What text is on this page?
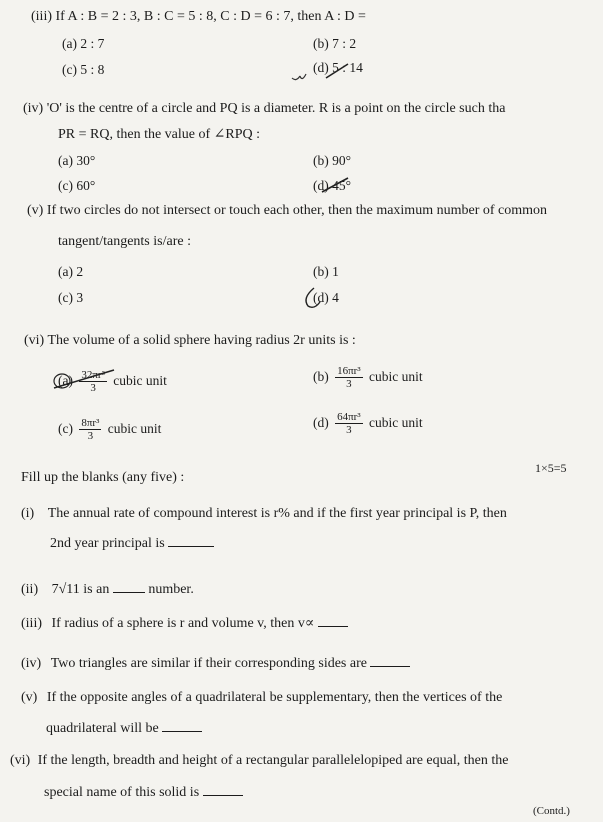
(iii) If A : B = 2 : 3, B : C = 5 : 8, C : D = 6 : 7, then A : D =
(a) 2 : 7	(b) 7 : 2
(c) 5 : 8	(d) 5 : 14
(iv) 'O' is the centre of a circle and PQ is a diameter. R is a point on the circle such tha
PR = RQ, then the value of ∠RPQ :
(a) 30°	(b) 90°
(c) 60°	(d) 45°
(v) If two circles do not intersect or touch each other, then the maximum number of common
tangent/tangents is/are :
(a) 2	(b) 1
(c) 3	(d) 4
(vi) The volume of a solid sphere having radius 2r units is :
$(a) \frac{\text{32πr³}}{3}$ cubic unit	$(b) \frac{\text{16πr³}}{3}$ cubic unit
$(c) \frac{\text{8πr³}}{3}$ cubic unit	$(d) \frac{\text{64πr³}}{3}$ cubic unit
Fill up the blanks (any five) :
1×5=5
(i) The annual rate of compound interest is r% and if the first year principal is P, then
2nd year principal is
(ii) 7√11 is an	number.
(iii) If radius of a sphere is r and volume v, then v∝
(iv) Two triangles are similar if their corresponding sides are
(v) If the opposite angles of a quadrilateral be supplementary, then the vertices of the
quadrilateral will be
(vi) If the length, breadth and height of a rectangular parallelelopiped are equal, then the
special name of this solid is
(Contd.)
